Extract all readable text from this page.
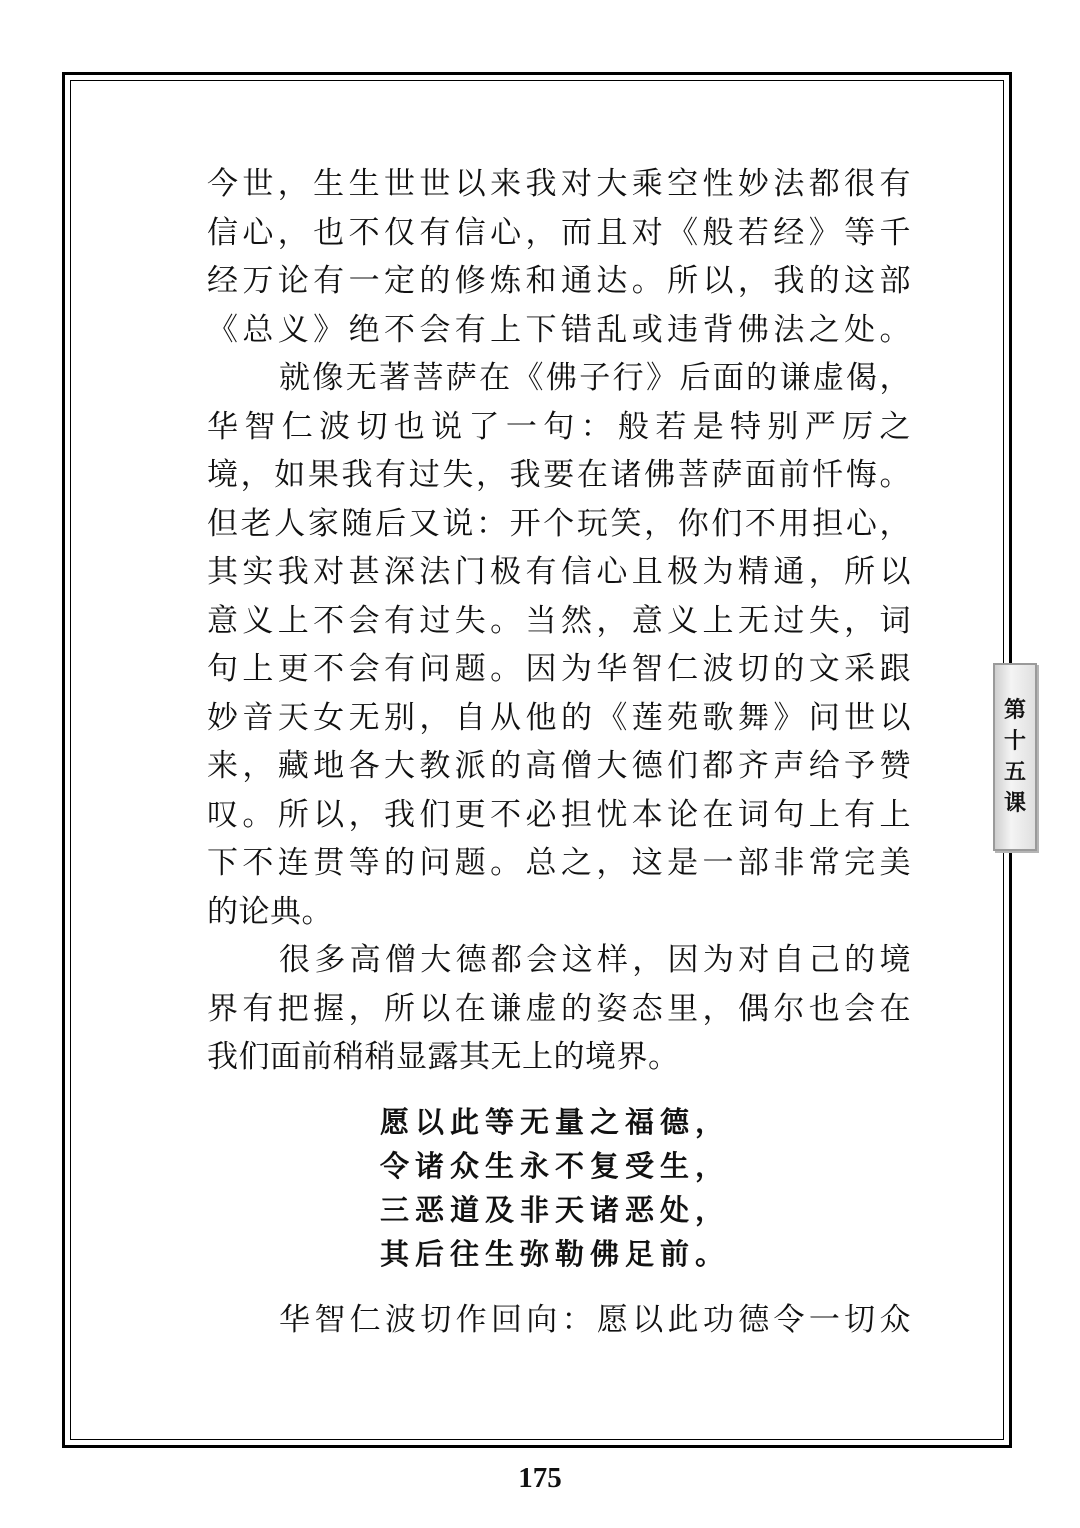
今世，生生世世以来我对大乘空性妙法都很有
信心，也不仅有信心，而且对《般若经》等千
经万论有一定的修炼和通达。所以，我的这部
《总义》绝不会有上下错乱或违背佛法之处。
就像无著菩萨在《佛子行》后面的谦虚偈，
华智仁波切也说了一句：般若是特别严厉之
境，如果我有过失，我要在诸佛菩萨面前忏悔。
但老人家随后又说：开个玩笑，你们不用担心，
其实我对甚深法门极有信心且极为精通，所以
意义上不会有过失。当然，意义上无过失，词
句上更不会有问题。因为华智仁波切的文采跟
妙音天女无别，自从他的《莲苑歌舞》问世以
来，藏地各大教派的高僧大德们都齐声给予赞
叹。所以，我们更不必担忧本论在词句上有上
下不连贯等的问题。总之，这是一部非常完美
的论典。
很多高僧大德都会这样，因为对自己的境
界有把握，所以在谦虚的姿态里，偶尔也会在
我们面前稍稍显露其无上的境界。
愿以此等无量之福德，
令诸众生永不复受生，
三恶道及非天诸恶处，
其后往生弥勒佛足前。
华智仁波切作回向：愿以此功德令一切众
第
十
五
课
175
